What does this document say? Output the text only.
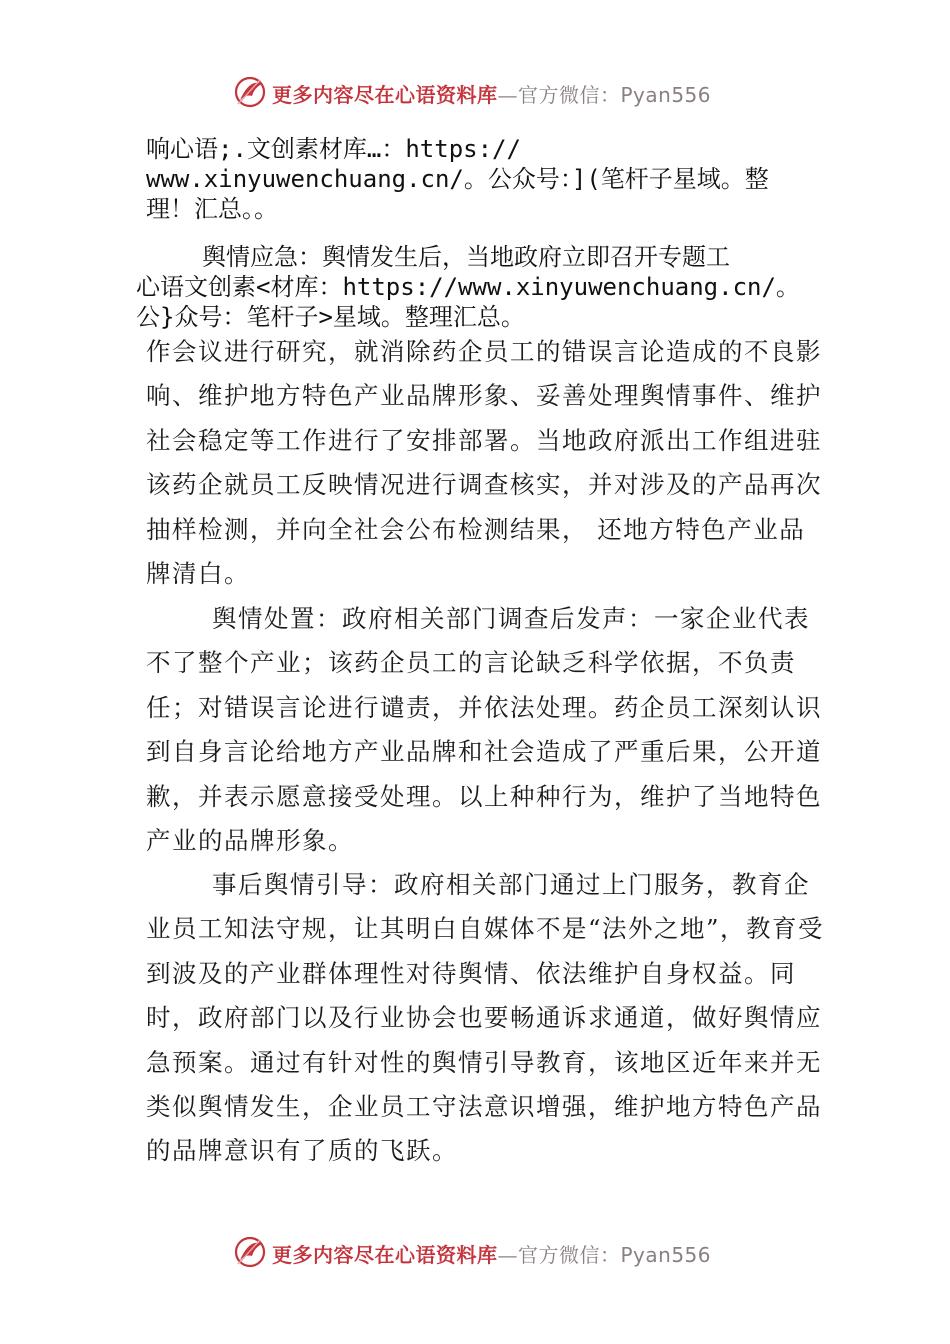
更多内容尽在心语资料库—官方微信：Pyan556
响心语;.文创素材库…：https://
www.xinyuwenchuang.cn/。公众号：](笔杆子星域。整
理！汇总。。
舆情应急：舆情发生后，当地政府立即召开专题工
心语文创素<材库：https://www.xinyuwenchuang.cn/。
公}众号：笔杆子>星域。整理汇总。

作会议进行研究，就消除药企员工的错误言论造成的不良影响、维护地方特色产业品牌形象、妥善处理舆情事件、维护社会稳定等工作进行了安排部署。当地政府派出工作组进驻该药企就员工反映情况进行调查核实，并对涉及的产品再次抽样检测，并向全社会公布检测结果， 还地方特色产业品牌清白。

舆情处置：政府相关部门调查后发声：一家企业代表不了整个产业；该药企员工的言论缺乏科学依据，不负责任；对错误言论进行谴责，并依法处理。药企员工深刻认识到自身言论给地方产业品牌和社会造成了严重后果，公开道歉，并表示愿意接受处理。以上种种行为，维护了当地特色产业的品牌形象。

事后舆情引导：政府相关部门通过上门服务，教育企业员工知法守规，让其明白自媒体不是“法外之地”，教育受到波及的产业群体理性对待舆情、依法维护自身权益。同时，政府部门以及行业协会也要畅通诉求通道，做好舆情应急预案。通过有针对性的舆情引导教育，该地区近年来并无类似舆情发生，企业员工守法意识增强，维护地方特色产品的品牌意识有了质的飞跃。

更多内容尽在心语资料库—官方微信：Pyan556
